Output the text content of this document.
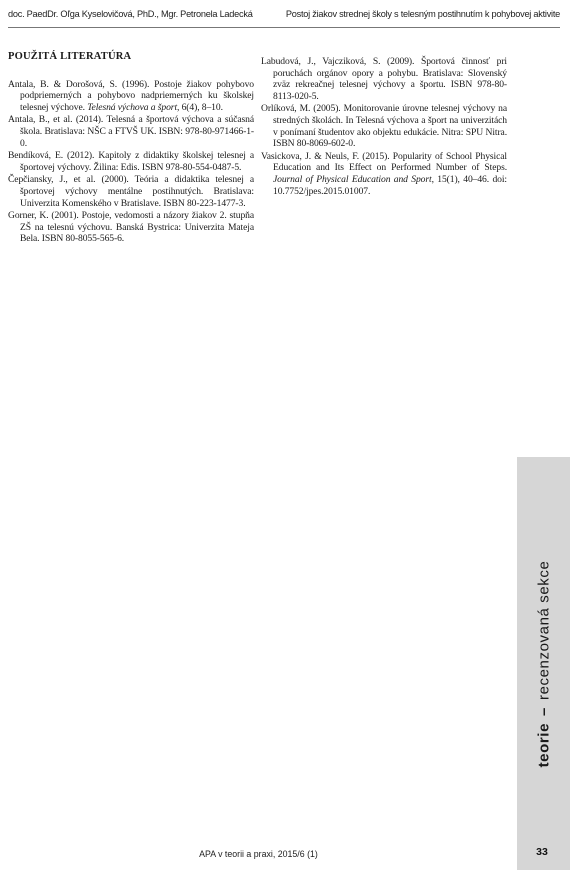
doc. PaedDr. Oľga Kyselovičová, PhD., Mgr. Petronela Ladecká	Postoj žiakov strednej školy s telesným postihnutím k pohybovej aktivite
POUŽITÁ LITERATÚRA
Antala, B. & Dorošová, S. (1996). Postoje žiakov pohybovo podpriemerných a pohybovo nadpriemerných ku školskej telesnej výchove. Telesná výchova a šport, 6(4), 8–10.
Antala, B., et al. (2014). Telesná a športová výchova a súčasná škola. Bratislava: NŠC a FTVŠ UK. ISBN: 978-80-971466-1-0.
Bendíková, E. (2012). Kapitoly z didaktiky školskej telesnej a športovej výchovy. Žilina: Edis. ISBN 978-80-554-0487-5.
Čepčiansky, J., et al. (2000). Teória a didaktika telesnej a športovej výchovy mentálne postihnutých. Bratislava: Univerzita Komenského v Bratislave. ISBN 80-223-1477-3.
Gorner, K. (2001). Postoje, vedomosti a názory žiakov 2. stupňa ZŠ na telesnú výchovu. Banská Bystrica: Univerzita Mateja Bela. ISBN 80-8055-565-6.
Labudová, J., Vajcziková, S. (2009). Športová činnosť pri poruchách orgánov opory a pohybu. Bratislava: Slovenský zväz rekreačnej telesnej výchovy a športu. ISBN 978-80-8113-020-5.
Orlíková, M. (2005). Monitorovanie úrovne telesnej výchovy na stredných školách. In Telesná výchova a šport na univerzitách v ponímaní študentov ako objektu edukácie. Nitra: SPU Nitra. ISBN 80-8069-602-0.
Vasickova, J. & Neuls, F. (2015). Popularity of School Physical Education and Its Effect on Performed Number of Steps. Journal of Physical Education and Sport, 15(1), 40–46. doi: 10.7752/jpes.2015.01007.
teorie–recenzovaná sekce
APA v teorii a praxi, 2015/6 (1)	33
